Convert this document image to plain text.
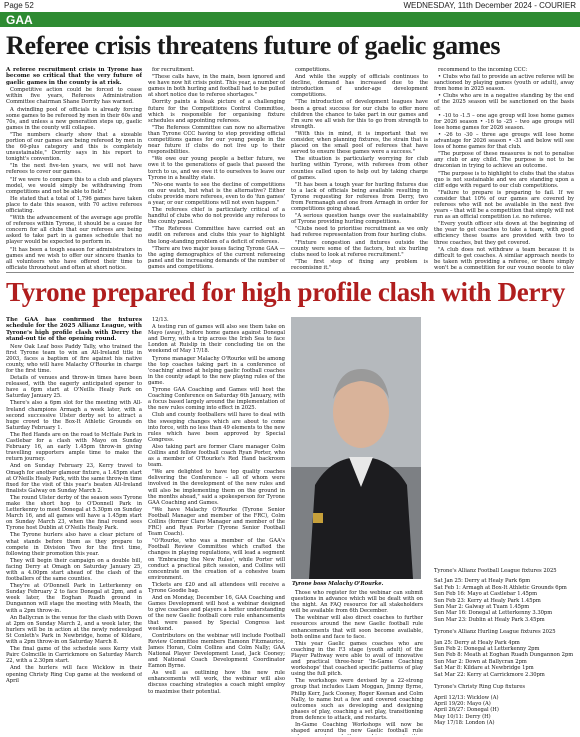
Page 52	WEDNESDAY, 11th December 2024 - COURIER
GAA
Referee crisis threatens future of gaelic games

A referee recruitment crisis in Tyrone has become so critical that the very future of gaelic games in the county is at risk.

Competitive action could be forced to cease within five years, Referees Administration Committee chairman Shane Dorrity has warned.

A dwindling pool of officials is already forcing some games to be refereed by men in their 60s and 70s, and unless a new generation steps up, gaelic games in the county will collapse.

"The numbers clearly show that a sizeable portion of our games are being refereed by men in the 60-plus category and this is completely unsustainable," Dorrity says in his report to tonight's convention.

"In the next five-ten years, we will not have referees to cover our games.

"If we were to compare this to a club and players model, we would simply be withdrawing from competitions and not be able to field."

He stated that a total of 1,796 games have taken place to date this season, with 70 active referees officiating.

"With the advancement of the average age profile of referees within Tyrone, it should be a cause for concern for all clubs that our referees are being asked to take part in a games schedule that no player would be expected to perform in.

"It has been a tough season for administrators in games and we wish to offer our sincere thanks to all volunteers who have offered their time to officiate throughout and often at short notice.

for recruitment.

"These calls have, in the main, been ignored and we have now hit crisis point. This year, a number of games in both hurling and football had to be pulled at short notice due to referee shortages."

Dorrity paints a bleak picture of a challenging future for the Competitions Control Committee, which is responsible for organising fixture schedules and appointing referees.

"The Referees Committee can now no alternative than Tyrone CCC having to stop providing official competitions games for our young people in the near future if clubs do not live up to their responsibilities.

"We owe our young people a better future, we owe it to the generations of gaels that passed the torch to us, and we owe it to ourselves to leave our Tyrone in a healthy state.

"No-one wants to see the decline of competitions on our watch, but what is the alternative? Either clubs provide more referees, even to do 'fun games' a year, or our competitions will not even happen."

The referees chief is particularly critical of a handful of clubs who do not provide any referees to the county panel.

"The Referees Committee have carried out an audit on referees and clubs this year to highlight the long-standing problem of a deficit of referees.

"There are two major issues facing Tyrone GAA — the aging demographics of the current refereeing panel and the increasing demands of the number of games and competitions.

competitions.

And while the supply of officials continues to decline, demand has increased due to the introduction of under-age development competitions.

"The introduction of development leagues have been a great success for our clubs to offer more children the chance to take part in our games and I'm sure we all wish for this to go from strength to strength.

"With this in mind, it is important that we consider, when planning fixtures, the strain that is placed on the small pool of referees that have served to ensure these games were a success."

The situation is particularly worrying for club hurling within Tyrone, with referees from other counties called upon to help out by taking charge of games.

"It has been a tough year for hurling fixtures due to a lack of officials being available resulting in Tyrone requesting for referees from Derry, two from Fermanagh and one from Armagh in order for competitions going ahead.

"A serious question hangs over the sustainability of Tyrone providing hurling competitions.

"Clubs need to prioritise recruitment as we only had referee representation from four hurling clubs.

"Fixture congestion and fixtures outside the county were some of the factors, but six hurling clubs need to look at referee recruitment."

"The first step of fixing any problem is recognising it."

recommend to the incoming CCC:

• Clubs who fail to provide an active referee will be sanctioned by playing games (youth or adult), away from home in 2025 season.

• Clubs who are in a negative standing by the end of the 2025 season will be sanctioned on the basis of:

• -10 to -1.5 – one age group will lose home games for 2026 season • -16 to -25 – two age groups will lose home games for 2026 season.

• -26 to -30 – three age groups will lose home advantage for 2026 season • -31 and below will see loss of home games for that club.

"The purpose of these measures is not to penalise any club or any child. The purpose is not to be draconian in trying to achieve an outcome.

"The purpose is to highlight to clubs that the status quo is not sustainable and we are standing upon a cliff edge with regard to our club competitions.

"Failure to prepare is preparing to fail. If we consider that 10% of our games are covered by referees who will not be available in the next five years – that will be a competition that simply will not run as an official competition i.e. no referee.

"Every youth officer sits down at the beginning of the year to get coaches to take a team, with good efficiency these teams are provided with two to three coaches, but they get covered.

"A club does not withdraw a team because it is difficult to get coaches. A similar approach needs to be taken with providing a referee, or there simply won't be a competition for our young people to play

Tyrone prepared for high profile clash with Derry

The GAA has confirmed the fixtures schedule for the 2025 Allianz League, with Tyrone's high profile clash with Derry the stand-out tie of the opening round.

New Oak Leaf boss Paddy Tally, who trained the first Tyrone team to win an All-Ireland title in 2003, faces a baptism of fire against his native county, who will have Malachy O'Rourke in charge for the first time.

Details of venues and throw-in times have been released, with the eagerly anticipated opener to have a 6pm start at O'Neills Healy Park on Saturday January 25.

There's also a 6pm slot for the meeting with All-Ireland champions Armagh a week later, with a second successive Ulster derby set to attract a huge crowd to the Box-It Athletic Grounds on Saturday February 1.

The Red Hands are on the road to McHale Park in Castlebar for a clash with Mayo on Sunday February 16, an early 1.45pm throw-in giving travelling supporters ample time to make the return journey.

And on Sunday February 23, Kerry travel to Omagh for another glamour fixture, a 1.45pm start at O'Neills Healy Park, with the same throw-in time fixed for the visit of this year's beaten All-Ireland finalists Galway on Sunday March 2.

The round Ulster derby of the season sees Tyrone make the short hop to O'Donnell Park in Letterkenny to meet Donegal at 5.30pm on Sunday March 16, and all games will have a 1.45pm start on Sunday March 23, when the final round sees Tyrone host Dublin at O'Neills Healy Park.

The Tyrone hurlers also have a clear picture of what stands before them as they prepare to compete in Division Two for the first time, following their promotion this year.

They will begin their campaign on a double bill, facing Derry at Omagh on Saturday January 25, with a 4.00pm start ahead of the clash of the footballers of the same counties.

They're at O'Donnell Park in Letterkenny on Sunday February 2 to face Donegal at 2pm, and a week later, the Eoghan Ruadh ground in Dungannon will stage the meeting with Meath, the with a 2pm throw-in.

An Ballycran is the venue for the clash with Down at 2pm on Sunday March 2, and a week later, the hurlers will be in action at the newly redeveloped St Conleth's Park in Newbridge, home of Kildare, with a 2pm throw-in on Saturday March 8.

The final game of the schedule sees Kerry visit Pairc Colmcille in Carrickmore on Saturday March 22, with a 2.30pm start.

And the hurlers will face Wicklow in their opening Christy Ring Cup game at the weekend of April

12/13.

A testing run of games will also see them take on Mayo (away), before home games against Donegal and Derry, with a trip across the Irish Sea to face London at Ruislip in their concluding tie on the weekend of May 17/18.

Tyrone manager Malachy O'Rourke will be among the top coaches taking part in a conference of 'coaching' aimed at helping gaelic football coaches in the county adapt to the new playing rules of the game.

Tyrone GAA Coaching and Games will host the Coaching Conference on Saturday 6th January, with a focus based largely around the implementation of the new rules coming into effect in 2025.

Club and county footballers will have to deal with the sweeping changes which are about to come into force, with no less than 49 elements to the new rules which have been approved by Special Congress.

Also taking part are former Clare manager Colm Collins and fellow football coach Ryan Porter, who as a member of O'Rourke's Red Hand backroom team.

"We are delighted to have top quality coaches delivering the Conference – all of whom were involved in the development of the new rules and will also be implementing them on the ground in the months ahead," said a spokesperson for Tyrone GAA Coaching and Games.

"We have Malachy O'Rourke (Tyrone Senior Football Manager and member of the FRC), Colm Collins (former Clare Manager and member of the FRC) and Ryan Porter (Tyrone Senior Football Team Coach).

"O'Rourke, who was a member of the GAA's Football Review Committee which crafted the changes in playing regulations, will lead a segment on 'Embracing the New Rules', while Porter will conduct a practical pitch session, and Collins will concentrate on the creation of a cohesive team environment.

Tickets are £20 and all attendees will receive a Tyrone Goodie bag.

And on Monday, December 16, GAA Coaching and Games Development will host a webinar designed to give coaches and players a better understanding of the new Gaelic football core rule enhancements that were passed by Special Congress last weekend.

Contributors on the webinar will include Football Review Committee members Eamonn Fitzmaurice, James Horan, Colm Collins and Colm Nally; GAA National Player Development Lead, Jack Cooney; and National Coach Development Coordinator Eamon Byrne.

As well as outlining how the new rule enhancements will work, the webinar will also discuss coaching strategies a coach might employ to maximise their potential.

Tyrone boss Malachy O'Rourke.

Those who register for the webinar can submit questions in advance which will be dealt with on the night. An FAQ resource for all stakeholders will be available from 6th December.

The webinar will also direct coaches to further resources around the new Gaelic football rule enhancements that will soon become available, both online and face to face.

This year Gaelic games coaches who are coaching in the F3 stage (youth adult) of the Player Pathway were able to avail of innovative and practical three-hour 'In-Game Coaching workshops' that coached specific patterns of play using the full pitch.

The workshops were devised by a 22-strong group that includes Liam Moggan, Jimmy Byrne, Philip Kerr, Jack Cooney, Roger Keenan and Colm Nally, to name but a few and covered coaching outcomes such as developing and designing phases of play, coaching a set play, transitioning from defence to attack, and restarts.

In-Game Coaching Workshops will now be shaped around the new Gaelic football rule

Tyrone's Allianz Football League fixtures 2025
Sat Jan 25: Derry at Healy Park 6pm
Sat Feb 1: Armagh at Box-It Athletic Grounds 6pm
Sun Feb 16: Mayo at Castlebar 1.45pm
Sun Feb 23: Kerry at Healy Park 1.45pm
Sun Mar 2: Galway at Tuam 1.45pm
Sun Mar 16: Donegal at Letterkenny 3.30pm
Sun Mar 23: Dublin at Healy Park 3.45pm
Tyrone's Allianz Hurling League fixtures 2025
Jan 25: Derry at Healy Park 4pm
Sun Feb 2: Donegal at Letterkenny 2pm
Sun Feb 8: Meath at Eoghan Ruadh Dungannon 2pm
Sun Mar 2: Down at Ballycran 2pm
Sat Mar 8: Kildare at Newbridge 1pm
Sat Mar 22: Kerry at Carrickmore 2.30pm
Tyrone's Christy Ring Cup fixtures
April 12/13: Wicklow (A)
April 19/20: Mayo (A)
April 26/27: Donegal (H)
May 10/11: Derry (H)
May 17/18: London (A)
